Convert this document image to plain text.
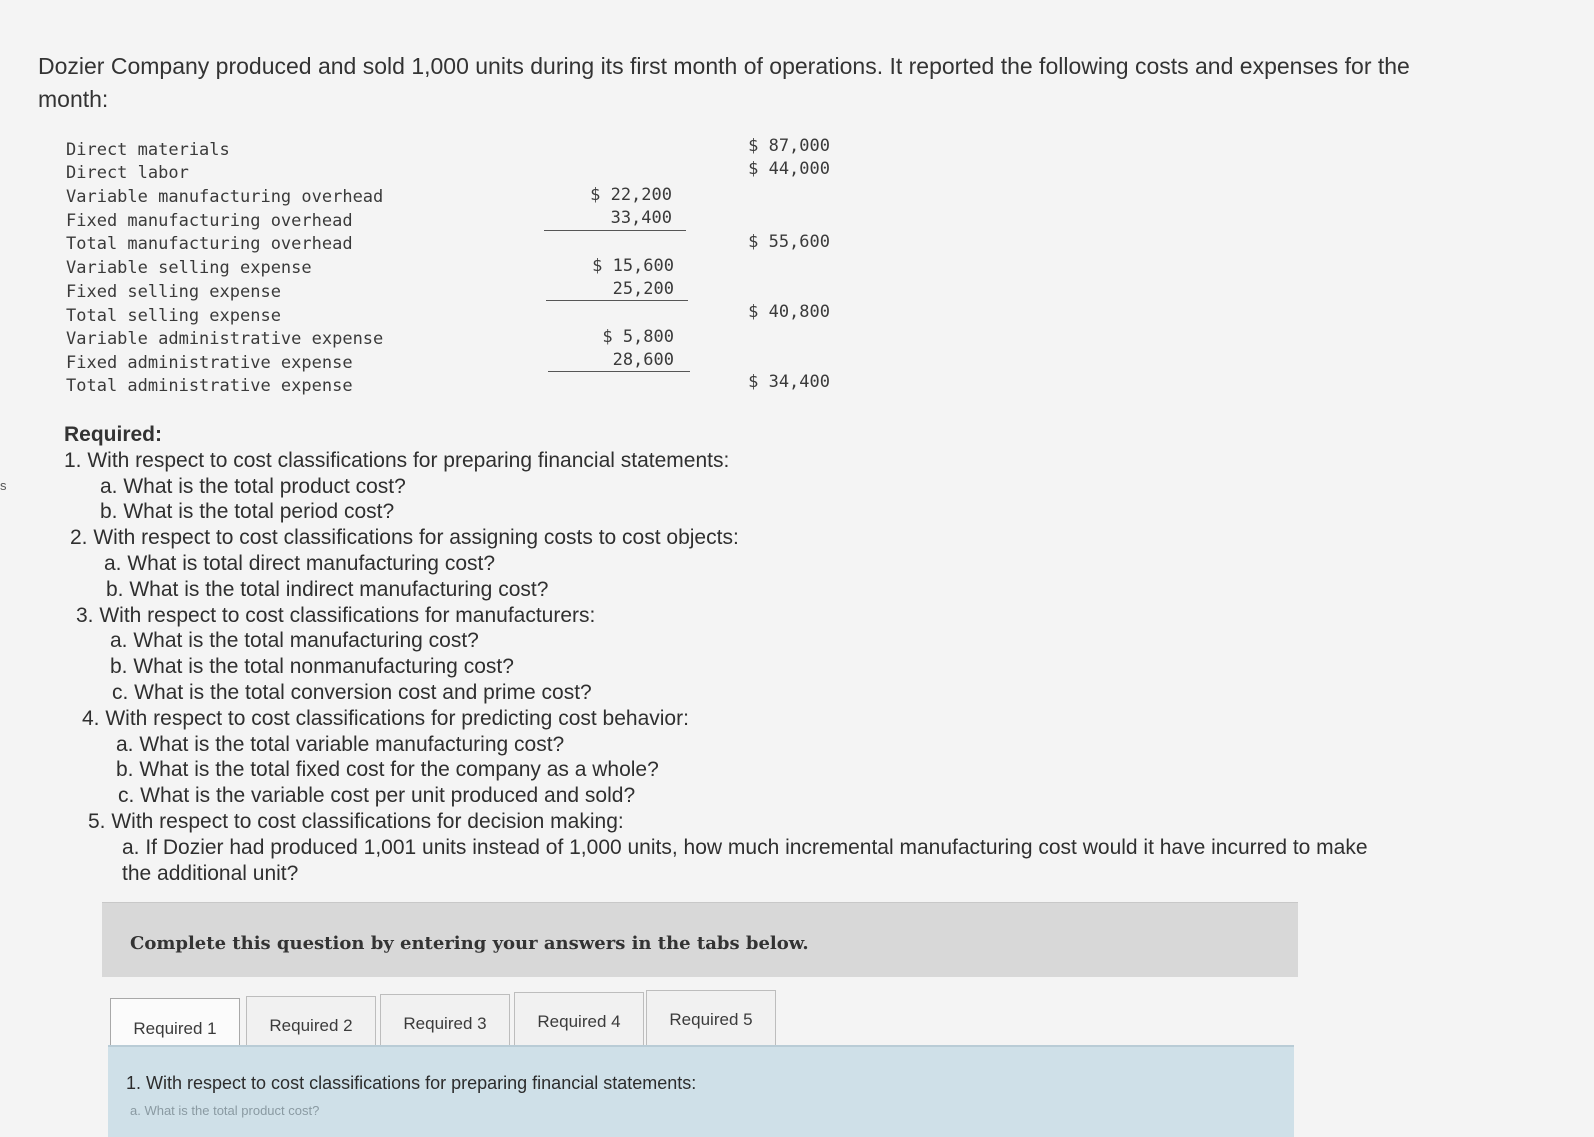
s
Dozier Company produced and sold 1,000 units during its first month of operations. It reported the following costs and expenses for the month:
Direct materials	$ 87,000
Direct labor	$ 44,000
Variable manufacturing overhead	$ 22,200
Fixed manufacturing overhead	33,400
Total manufacturing overhead	$ 55,600
Variable selling expense	$ 15,600
Fixed selling expense	25,200
Total selling expense	$ 40,800
Variable administrative expense	$ 5,800
Fixed administrative expense	28,600
Total administrative expense	$ 34,400
Required:
1. With respect to cost classifications for preparing financial statements:
a. What is the total product cost?
b. What is the total period cost?
2. With respect to cost classifications for assigning costs to cost objects:
a. What is total direct manufacturing cost?
b. What is the total indirect manufacturing cost?
3. With respect to cost classifications for manufacturers:
a. What is the total manufacturing cost?
b. What is the total nonmanufacturing cost?
c. What is the total conversion cost and prime cost?
4. With respect to cost classifications for predicting cost behavior:
a. What is the total variable manufacturing cost?
b. What is the total fixed cost for the company as a whole?
c. What is the variable cost per unit produced and sold?
5. With respect to cost classifications for decision making:
a. If Dozier had produced 1,001 units instead of 1,000 units, how much incremental manufacturing cost would it have incurred to make the additional unit?
Complete this question by entering your answers in the tabs below.
Required 1	Required 2	Required 3	Required 4	Required 5
1. With respect to cost classifications for preparing financial statements:
a. What is the total product cost?
